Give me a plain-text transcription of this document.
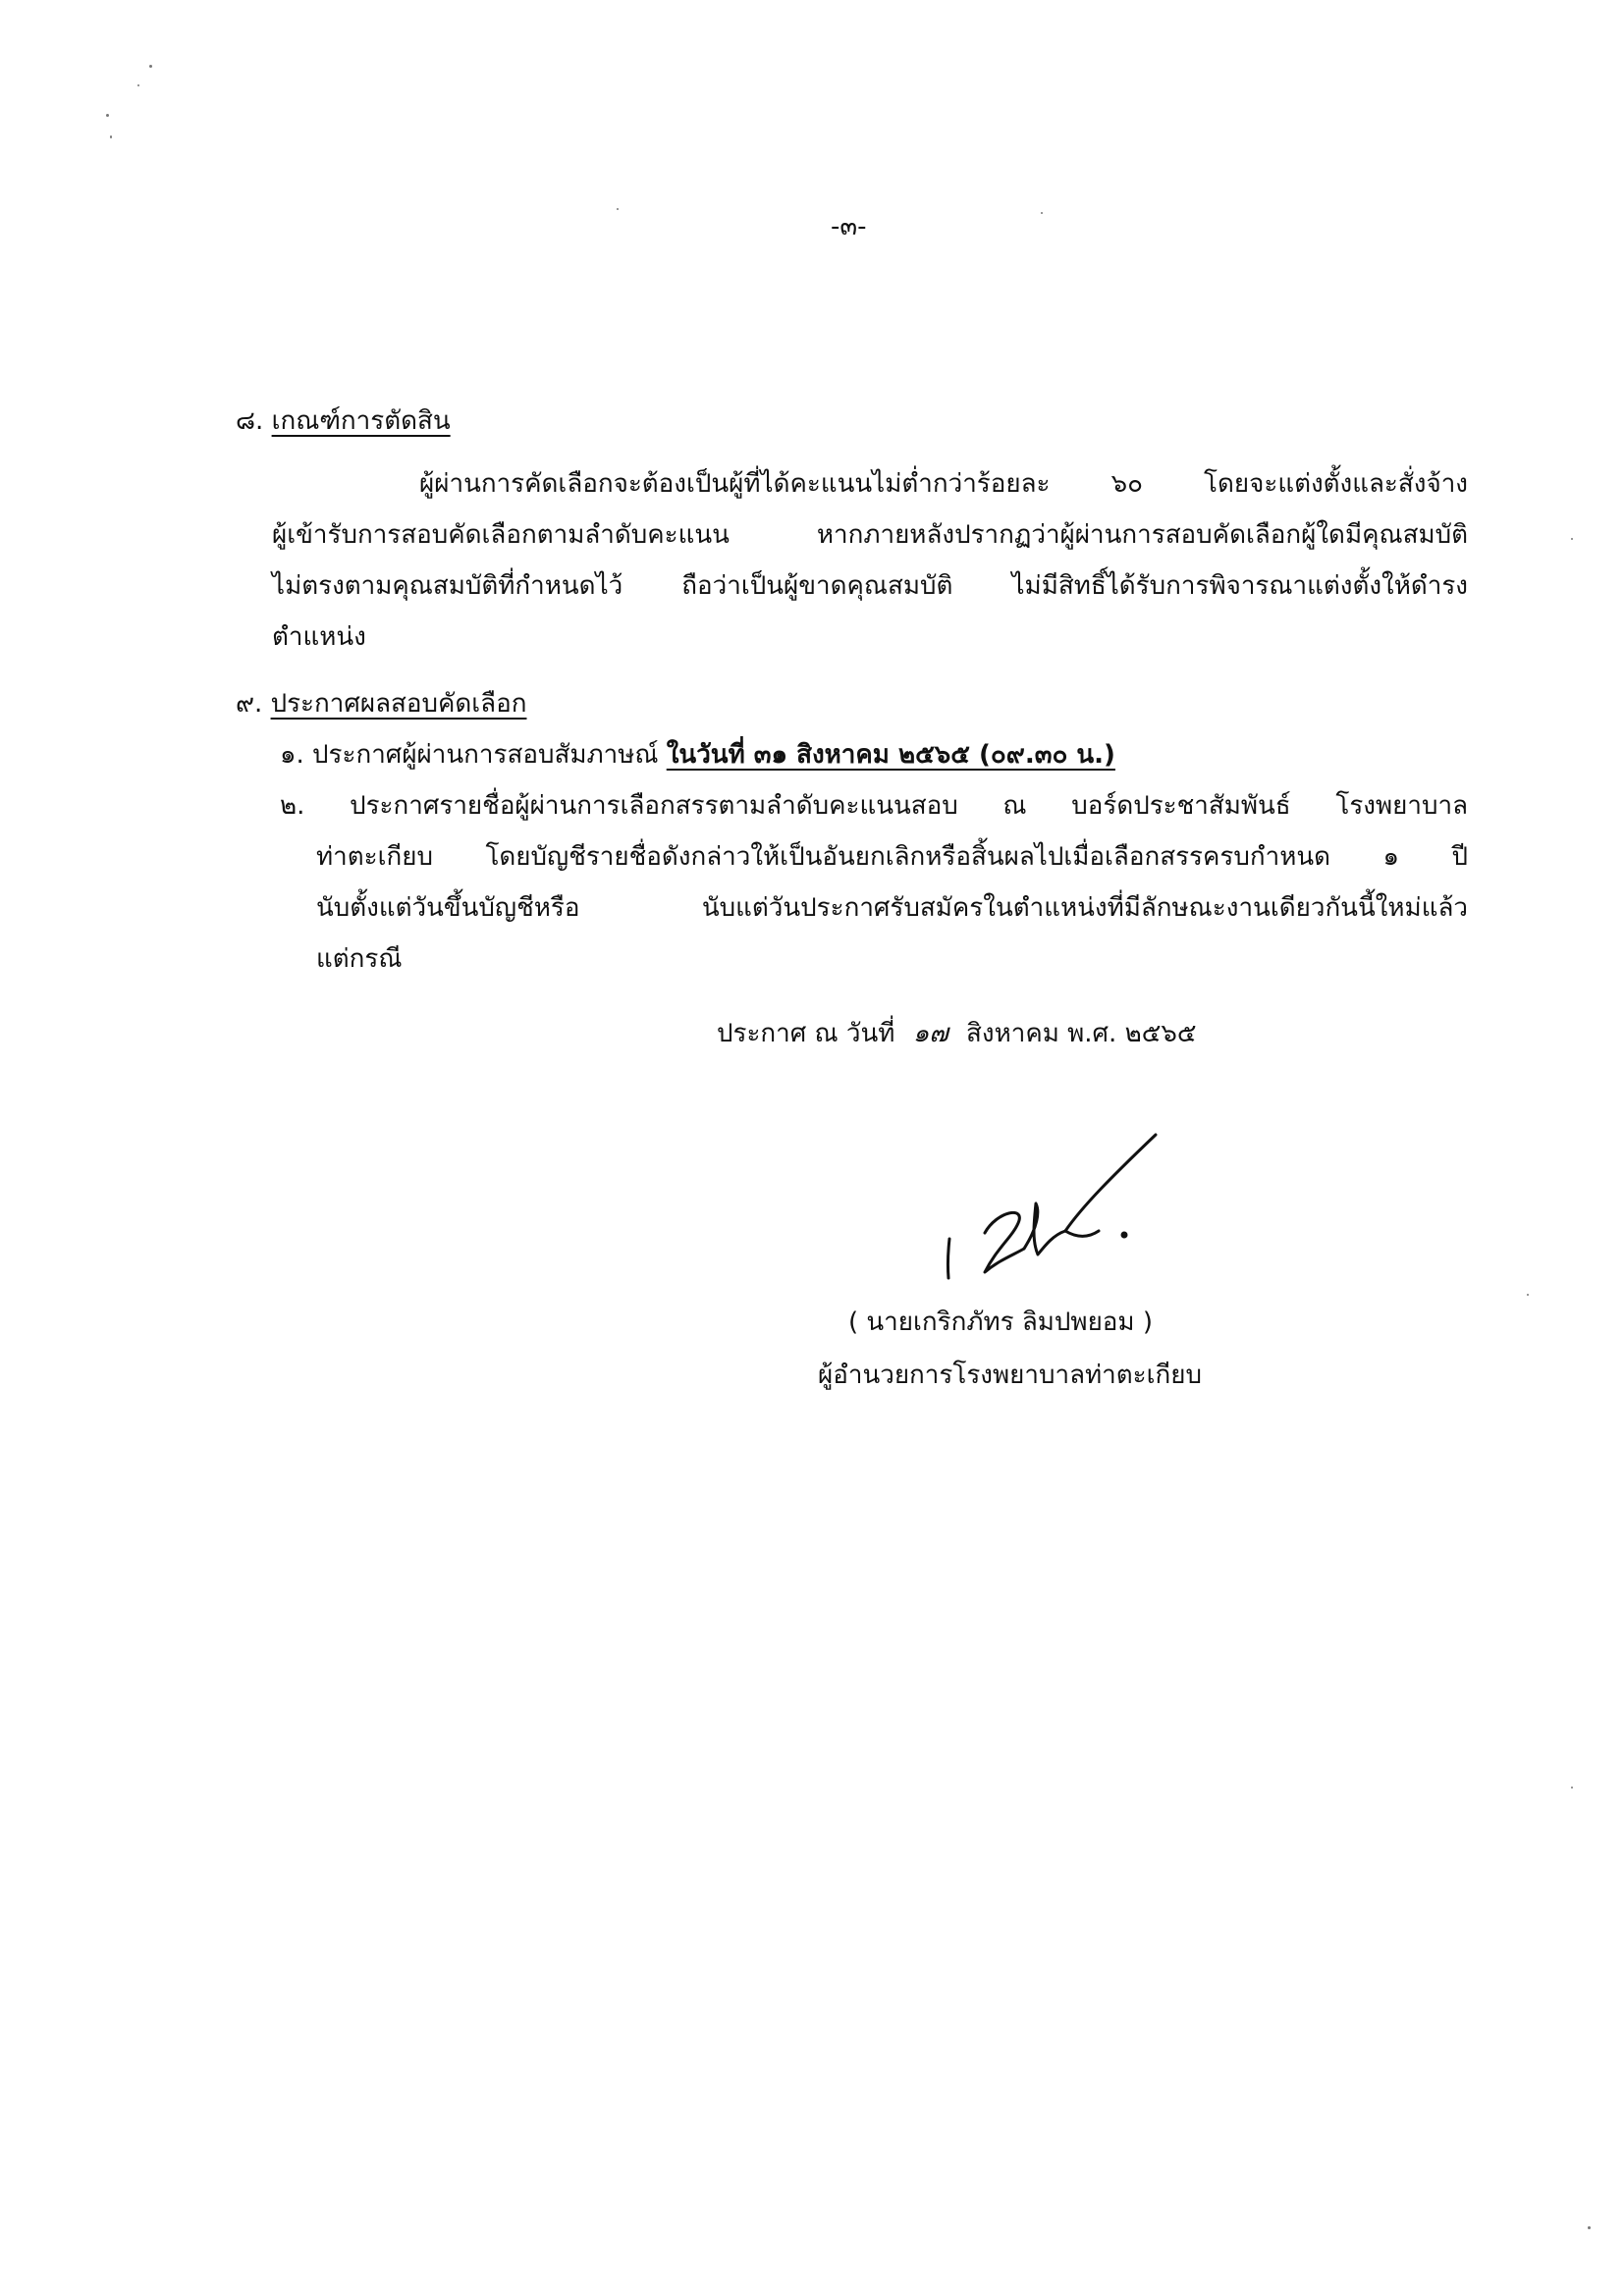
-๓-
๘. เกณฑ์การตัดสิน
ผู้ผ่านการคัดเลือกจะต้องเป็นผู้ที่ได้คะแนนไม่ต่ำกว่าร้อยละ ๖๐ โดยจะแต่งตั้งและสั่งจ้าง
ผู้เข้ารับการสอบคัดเลือกตามลำดับคะแนน หากภายหลังปรากฏว่าผู้ผ่านการสอบคัดเลือกผู้ใดมีคุณสมบัติ
ไม่ตรงตามคุณสมบัติที่กำหนดไว้ ถือว่าเป็นผู้ขาดคุณสมบัติ ไม่มีสิทธิ์ได้รับการพิจารณาแต่งตั้งให้ดำรง
ตำแหน่ง
๙. ประกาศผลสอบคัดเลือก
๑. ประกาศผู้ผ่านการสอบสัมภาษณ์ ในวันที่ ๓๑ สิงหาคม ๒๕๖๕ (๐๙.๓๐ น.)
๒. ประกาศรายชื่อผู้ผ่านการเลือกสรรตามลำดับคะแนนสอบ ณ บอร์ดประชาสัมพันธ์ โรงพยาบาล
ท่าตะเกียบ โดยบัญชีรายชื่อดังกล่าวให้เป็นอันยกเลิกหรือสิ้นผลไปเมื่อเลือกสรรครบกำหนด ๑ ปี
นับตั้งแต่วันขึ้นบัญชีหรือ นับแต่วันประกาศรับสมัครในตำแหน่งที่มีลักษณะงานเดียวกันนี้ใหม่แล้ว
แต่กรณี
ประกาศ ณ วันที่ ๑๗ สิงหาคม พ.ศ. ๒๕๖๕
( นายเกริกภัทร ลิมปพยอม )
ผู้อำนวยการโรงพยาบาลท่าตะเกียบ
